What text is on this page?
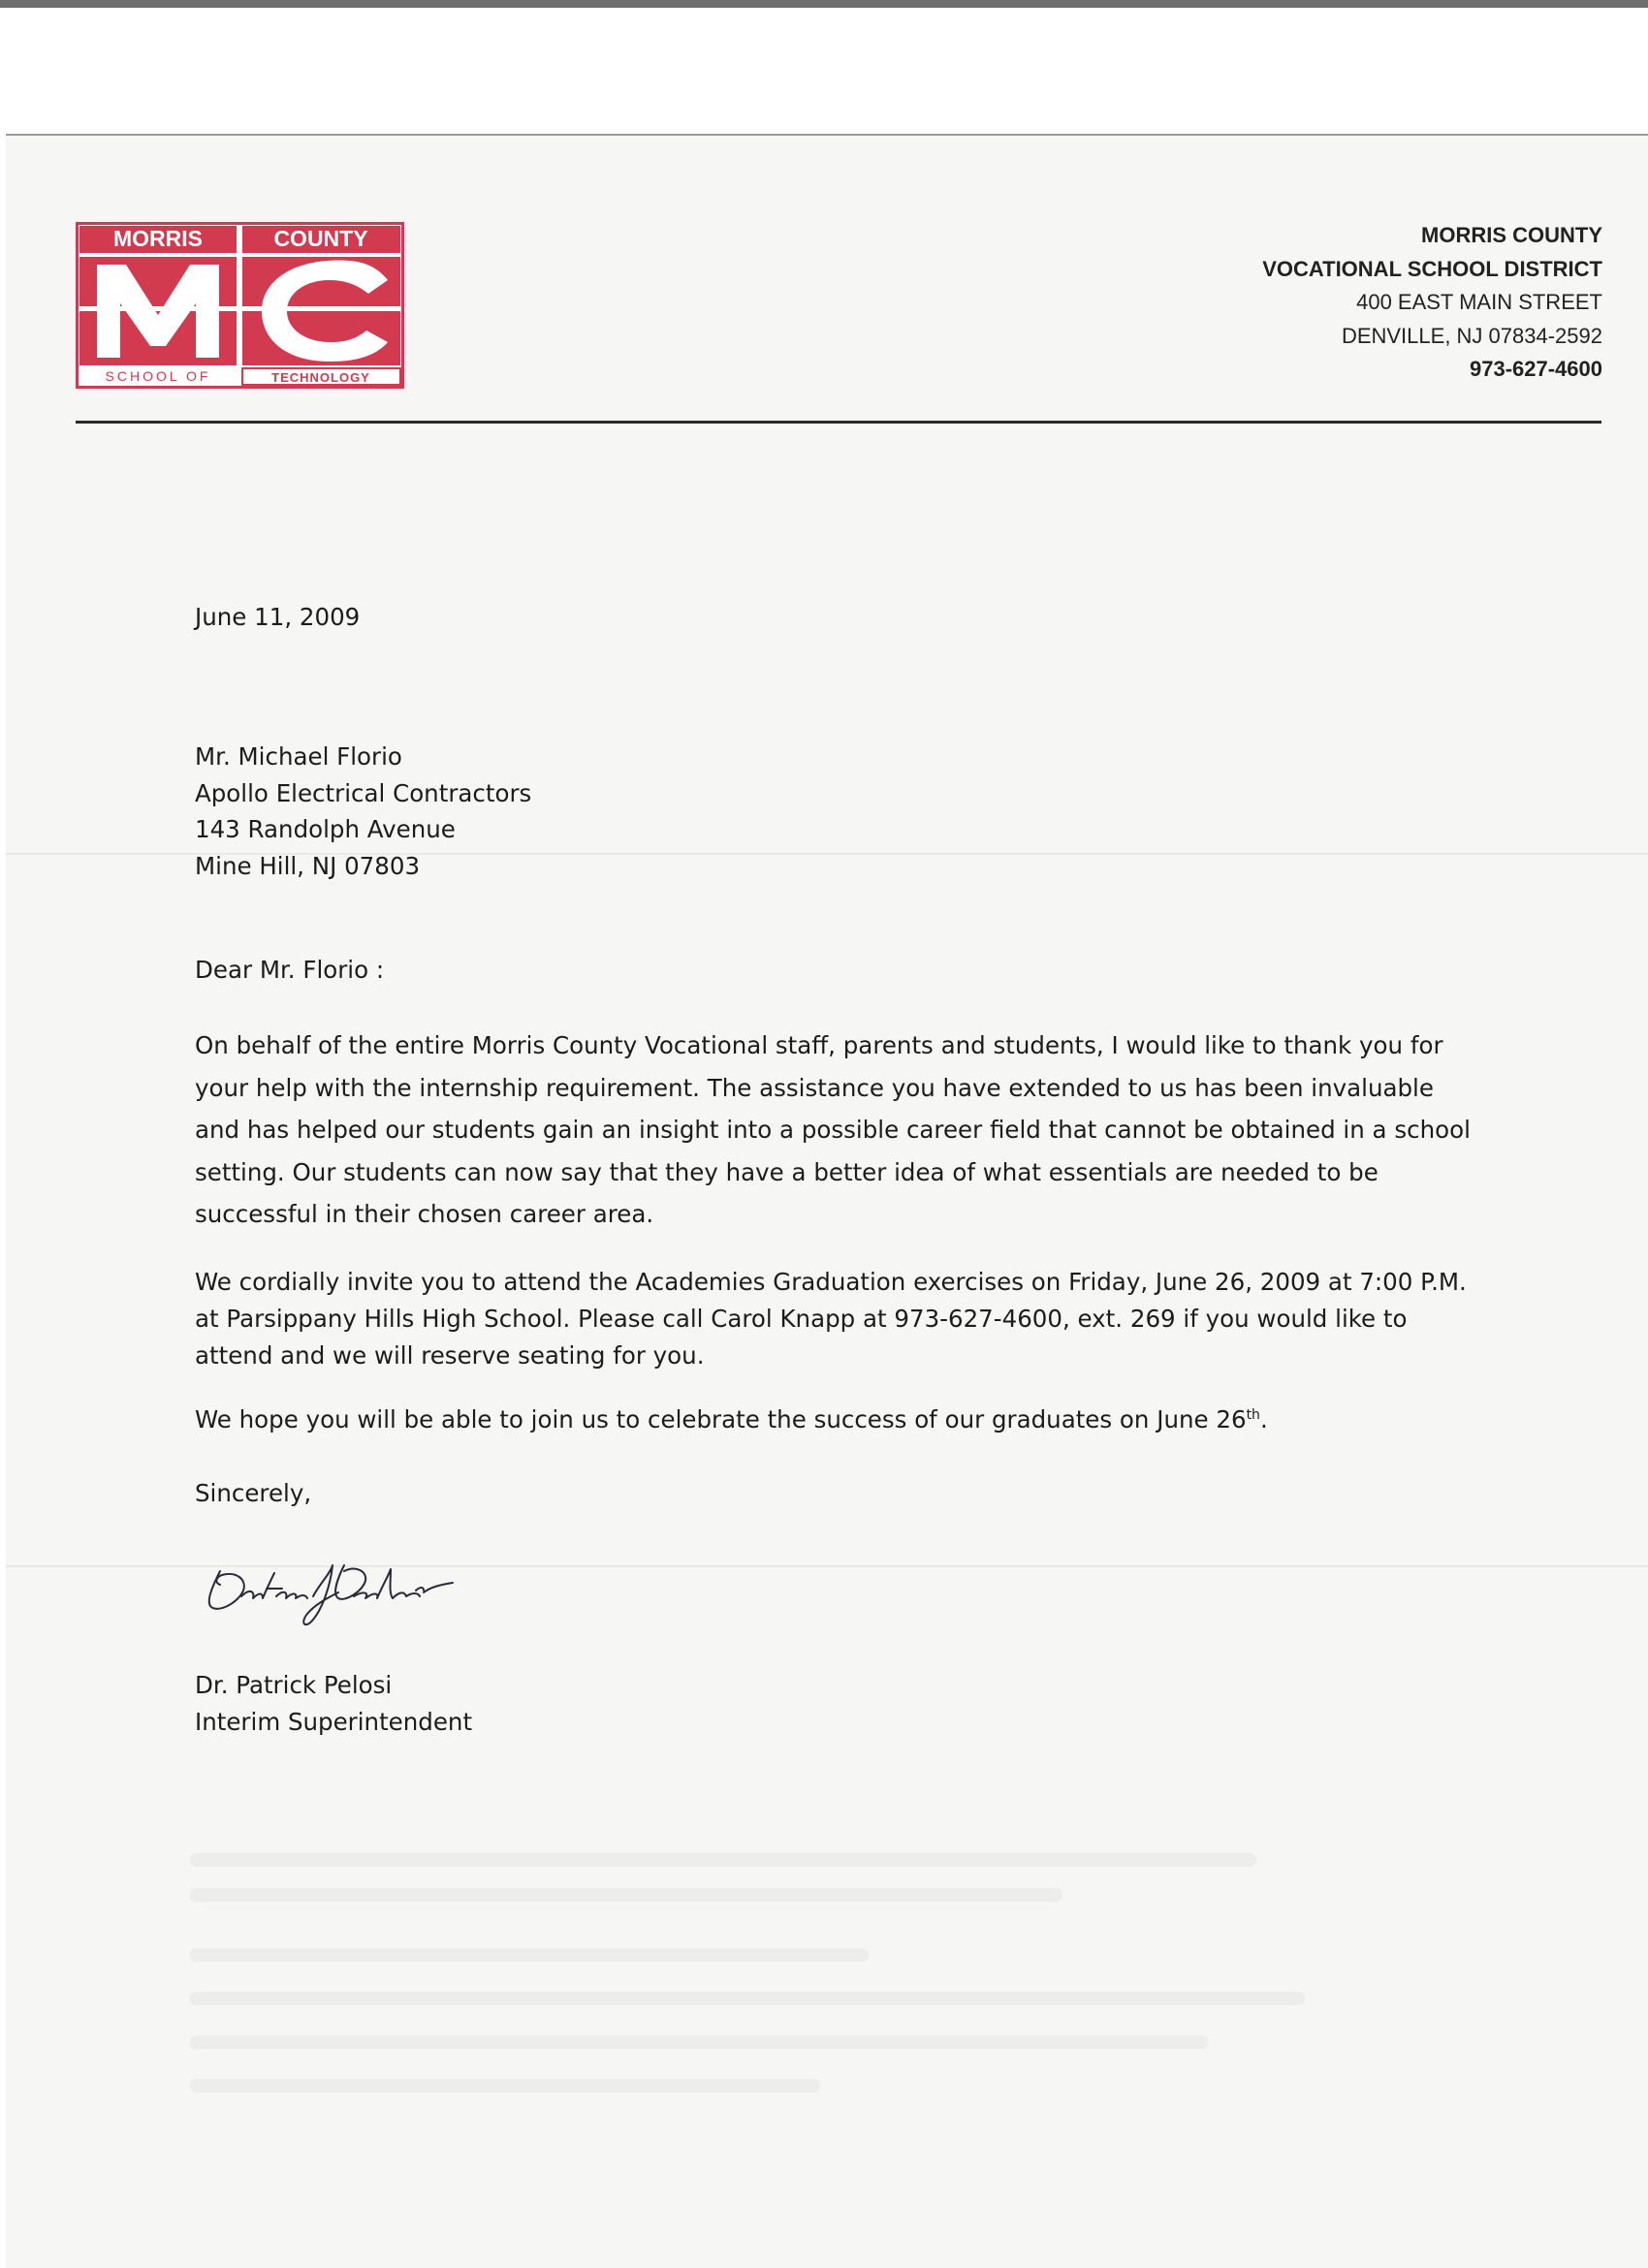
MORRIS	COUNTY
SCHOOL OF	TECHNOLOGY
MORRIS COUNTY
VOCATIONAL SCHOOL DISTRICT
400 EAST MAIN STREET
DENVILLE, NJ 07834-2592
973-627-4600
June 11, 2009
Mr. Michael Florio
Apollo Electrical Contractors
143 Randolph Avenue
Mine Hill, NJ 07803
Dear Mr. Florio :
On behalf of the entire Morris County Vocational staff, parents and students, I would like to thank you for your help with the internship requirement. The assistance you have extended to us has been invaluable and has helped our students gain an insight into a possible career field that cannot be obtained in a school setting. Our students can now say that they have a better idea of what essentials are needed to be successful in their chosen career area.
We cordially invite you to attend the Academies Graduation exercises on Friday, June 26, 2009 at 7:00 P.M. at Parsippany Hills High School. Please call Carol Knapp at 973-627-4600, ext. 269 if you would like to attend and we will reserve seating for you.
We hope you will be able to join us to celebrate the success of our graduates on June 26th.
Sincerely,
Dr. Patrick Pelosi
Interim Superintendent
